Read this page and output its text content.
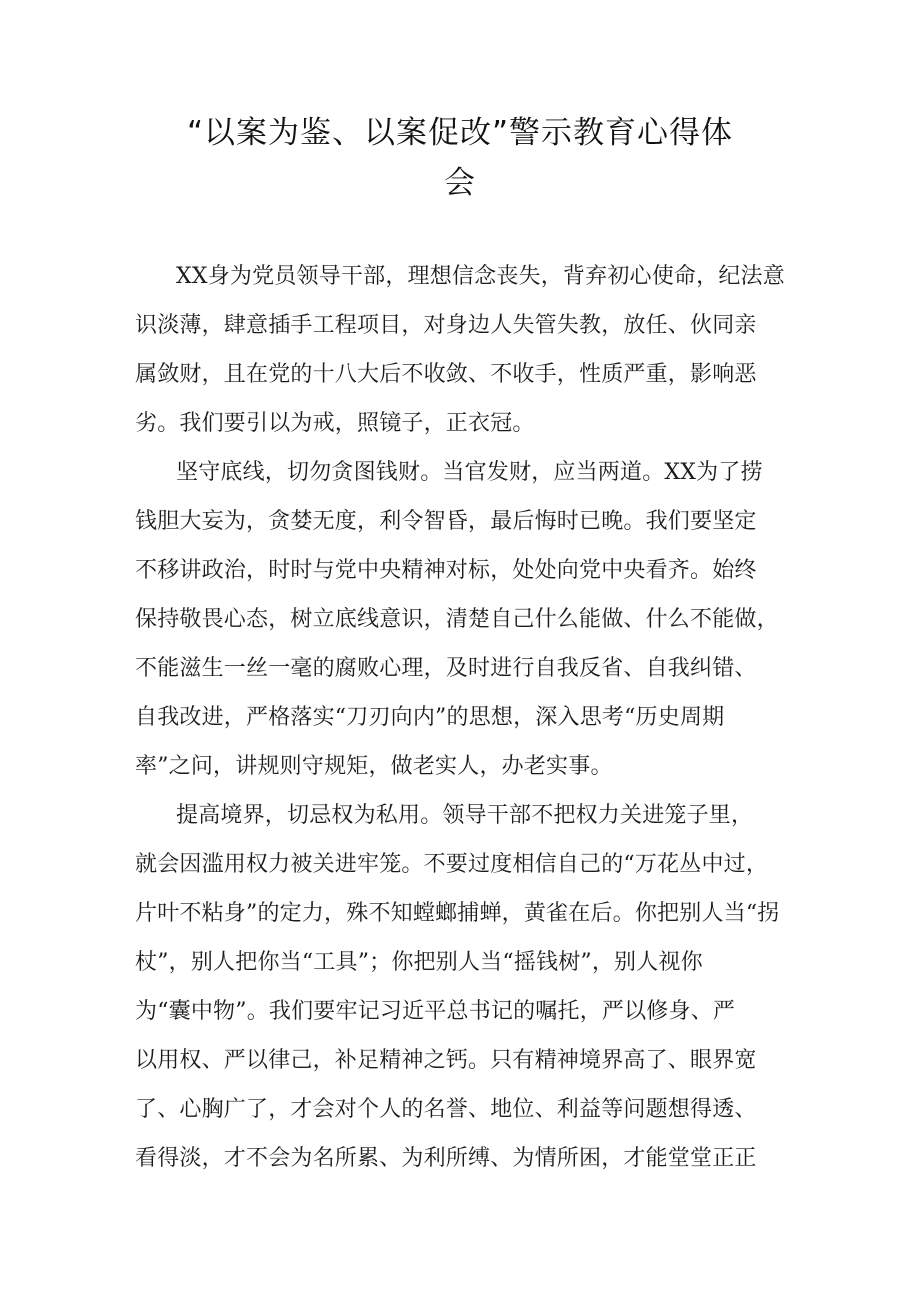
“以案为鉴、以案促改”警示教育心得体
会
XX身为党员领导干部，理想信念丧失，背弃初心使命，纪法意
识淡薄，肆意插手工程项目，对身边人失管失教，放任、伙同亲
属敛财，且在党的十八大后不收敛、不收手，性质严重，影响恶
劣。我们要引以为戒，照镜子，正衣冠。
坚守底线，切勿贪图钱财。当官发财，应当两道。XX为了捞
钱胆大妄为，贪婪无度，利令智昏，最后悔时已晚。我们要坚定
不移讲政治，时时与党中央精神对标，处处向党中央看齐。始终
保持敬畏心态，树立底线意识，清楚自己什么能做、什么不能做，
不能滋生一丝一毫的腐败心理，及时进行自我反省、自我纠错、
自我改进，严格落实“刀刃向内”的思想，深入思考“历史周期
率”之问，讲规则守规矩，做老实人，办老实事。
提高境界，切忌权为私用。领导干部不把权力关进笼子里，
就会因滥用权力被关进牢笼。不要过度相信自己的“万花丛中过，
片叶不粘身”的定力，殊不知螳螂捕蝉，黄雀在后。你把别人当“拐
杖”，别人把你当“工具”；你把别人当“摇钱树”，别人视你
为“囊中物”。我们要牢记习近平总书记的嘱托，严以修身、严
以用权、严以律己，补足精神之钙。只有精神境界高了、眼界宽
了、心胸广了，才会对个人的名誉、地位、利益等问题想得透、
看得淡，才不会为名所累、为利所缚、为情所困，才能堂堂正正
